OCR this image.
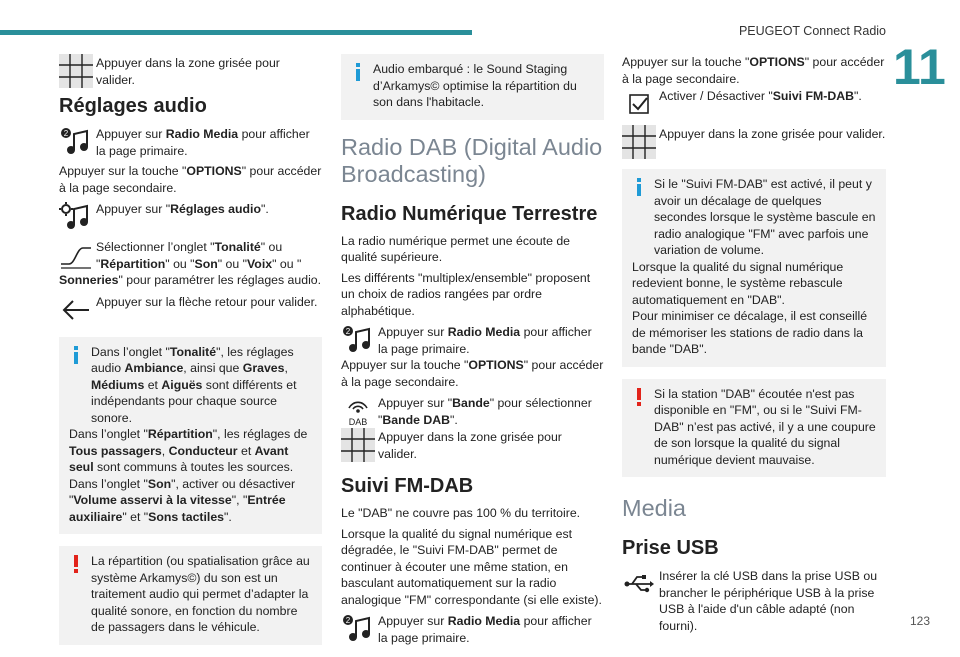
PEUGEOT Connect Radio
11
123
Appuyer dans la zone grisée pour valider.
Réglages audio
2 Appuyer sur Radio Media pour afficher la page primaire.

Appuyer sur la touche "OPTIONS" pour accéder à la page secondaire.

Appuyer sur "Réglages audio".
Sélectionner l’onglet "Tonalité" ou "Répartition" ou "Son" ou "Voix" ou "

Sonneries" pour paramétrer les réglages audio.

Appuyer sur la flèche retour pour valider.

Dans l’onglet "Tonalité", les réglages audio Ambiance, ainsi que Graves, Médiums et Aiguës sont différents et indépendants pour chaque source sonore.

Dans l’onglet "Répartition", les réglages de Tous passagers, Conducteur et Avant seul sont communs à toutes les sources.

Dans l’onglet "Son", activer ou désactiver "Volume asservi à la vitesse", "Entrée auxiliaire" et "Sons tactiles".

La répartition (ou spatialisation grâce au système Arkamys©) du son est un traitement audio qui permet d’adapter la qualité sonore, en fonction du nombre de passagers dans le véhicule.

Audio embarqué : le Sound Staging d’Arkamys© optimise la répartition du son dans l'habitacle.

Radio DAB (Digital Audio Broadcasting)
Radio Numérique Terrestre

La radio numérique permet une écoute de qualité supérieure.

Les différents "multiplex/ensemble" proposent un choix de radios rangées par ordre alphabétique.

2 Appuyer sur Radio Media pour afficher la page primaire.

Appuyer sur la touche "OPTIONS" pour accéder à la page secondaire.

DAB
Appuyer sur "Bande" pour sélectionner "Bande DAB".
Appuyer dans la zone grisée pour valider.
Suivi FM-DAB

Le "DAB" ne couvre pas 100 % du territoire.

Lorsque la qualité du signal numérique est dégradée, le "Suivi FM-DAB" permet de continuer à écouter une même station, en basculant automatiquement sur la radio analogique "FM" correspondante (si elle existe).

2 Appuyer sur Radio Media pour afficher la page primaire.

Appuyer sur la touche "OPTIONS" pour accéder à la page secondaire.

Activer / Désactiver "Suivi FM-DAB".
Appuyer dans la zone grisée pour valider.

Si le "Suivi FM-DAB" est activé, il peut y avoir un décalage de quelques secondes lorsque le système bascule en radio analogique "FM" avec parfois une variation de volume.

Lorsque la qualité du signal numérique redevient bonne, le système rebascule automatiquement en "DAB".

Pour minimiser ce décalage, il est conseillé de mémoriser les stations de radio dans la bande "DAB".

Si la station "DAB" écoutée n'est pas disponible en "FM", ou si le "Suivi FM-DAB" n’est pas activé, il y a une coupure de son lorsque la qualité du signal numérique devient mauvaise.

Media
Prise USB
Insérer la clé USB dans la prise USB ou brancher le périphérique USB à la prise USB à l'aide d'un câble adapté (non fourni).
